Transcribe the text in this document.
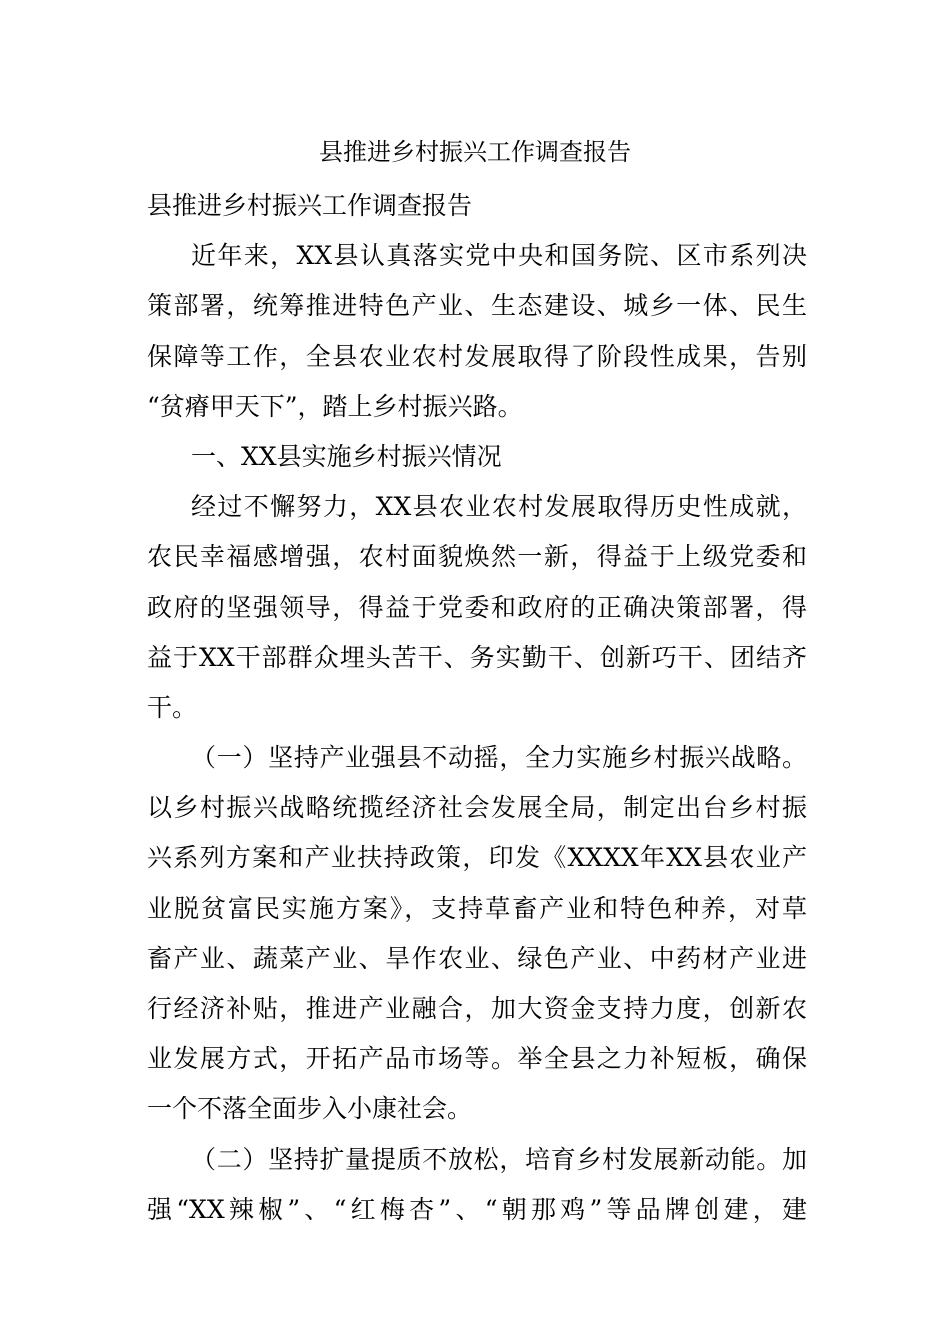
县推进乡村振兴工作调查报告
县推进乡村振兴工作调查报告
近年来，XX县认真落实党中央和国务院、区市系列决
策部署，统筹推进特色产业、生态建设、城乡一体、民生
保障等工作，全县农业农村发展取得了阶段性成果，告别
“贫瘠甲天下”，踏上乡村振兴路。
一、XX县实施乡村振兴情况
经过不懈努力，XX县农业农村发展取得历史性成就，
农民幸福感增强，农村面貌焕然一新，得益于上级党委和
政府的坚强领导，得益于党委和政府的正确决策部署，得
益于XX干部群众埋头苦干、务实勤干、创新巧干、团结齐
干。
（一）坚持产业强县不动摇，全力实施乡村振兴战略。
以乡村振兴战略统揽经济社会发展全局，制定出台乡村振
兴系列方案和产业扶持政策，印发《XXXX年XX县农业产
业脱贫富民实施方案》，支持草畜产业和特色种养，对草
畜产业、蔬菜产业、旱作农业、绿色产业、中药材产业进
行经济补贴，推进产业融合，加大资金支持力度，创新农
业发展方式，开拓产品市场等。举全县之力补短板，确保
一个不落全面步入小康社会。
（二）坚持扩量提质不放松，培育乡村发展新动能。加
强“XX辣椒”、“红梅杏”、“朝那鸡”等品牌创建，建
